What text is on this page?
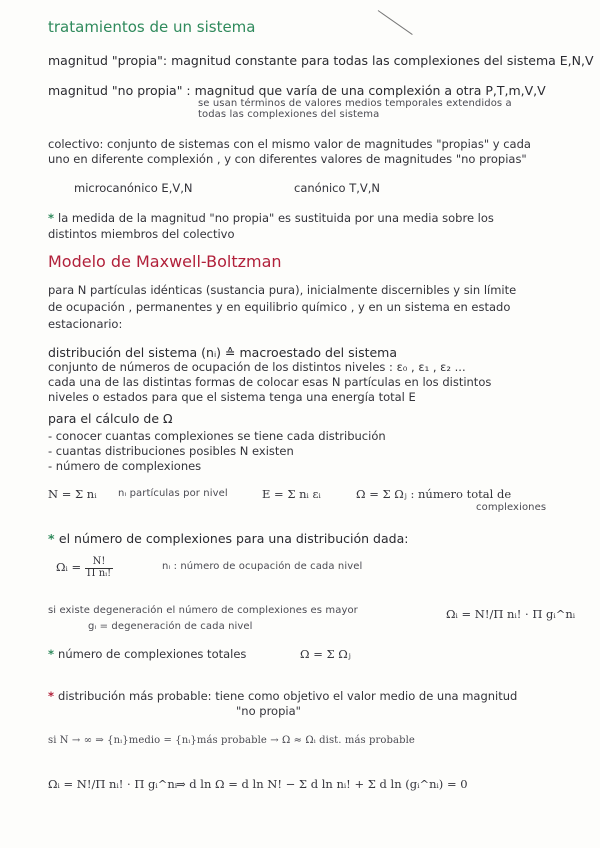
tratamientos de un sistema
magnitud "propia": magnitud constante para todas las complexiones del sistema E,N,V
magnitud "no propia" : magnitud que varía de una complexión a otra P,T,m,V,V
se usan términos de valores medios temporales extendidos a
todas las complexiones del sistema
colectivo: conjunto de sistemas con el mismo valor de magnitudes "propias" y cada
uno en diferente complexión , y con diferentes valores de magnitudes "no propias"
microcanónico E,V,N	canónico T,V,N
* la medida de la magnitud "no propia" es sustituida por una media sobre los
distintos miembros del colectivo
Modelo de Maxwell-Boltzman
para N partículas idénticas (sustancia pura), inicialmente discernibles y sin límite
de ocupación , permanentes y en equilibrio químico , y en un sistema en estado
estacionario:
distribución del sistema (nᵢ) ≙ macroestado del sistema
conjunto de números de ocupación de los distintos niveles : ε₀ , ε₁ , ε₂ ...
cada una de las distintas formas de colocar esas N partículas en los distintos
niveles o estados para que el sistema tenga una energía total E
para el cálculo de Ω
- conocer cuantas complexiones se tiene cada distribución
- cuantas distribuciones posibles N existen
- número de complexiones
N = Σ nᵢ nᵢ partículas por nivel	E = Σ nᵢ εᵢ	Ω = Σ Ωⱼ : número total de
complexiones
* el número de complexiones para una distribución dada:
Ωᵢ = $\frac{N!}{\text{Π nᵢ!}}$	nᵢ : número de ocupación de cada nivel
si existe degeneración el número de complexiones es mayor
gᵢ = degeneración de cada nivel
Ωᵢ = N!/Π nᵢ! · Π gᵢ^nᵢ
* número de complexiones totales	Ω = Σ Ωⱼ
* distribución más probable: tiene como objetivo el valor medio de una magnitud
"no propia"
si N → ∞ ⇒ {nᵢ}medio = {nᵢ}más probable → Ω ≈ Ωᵢ dist. más probable
Ωᵢ = N!/Π nᵢ! · Π gᵢ^nᵢ
⇒ d ln Ω = d ln N! − Σ d ln nᵢ! + Σ d ln (gᵢ^nᵢ) = 0
